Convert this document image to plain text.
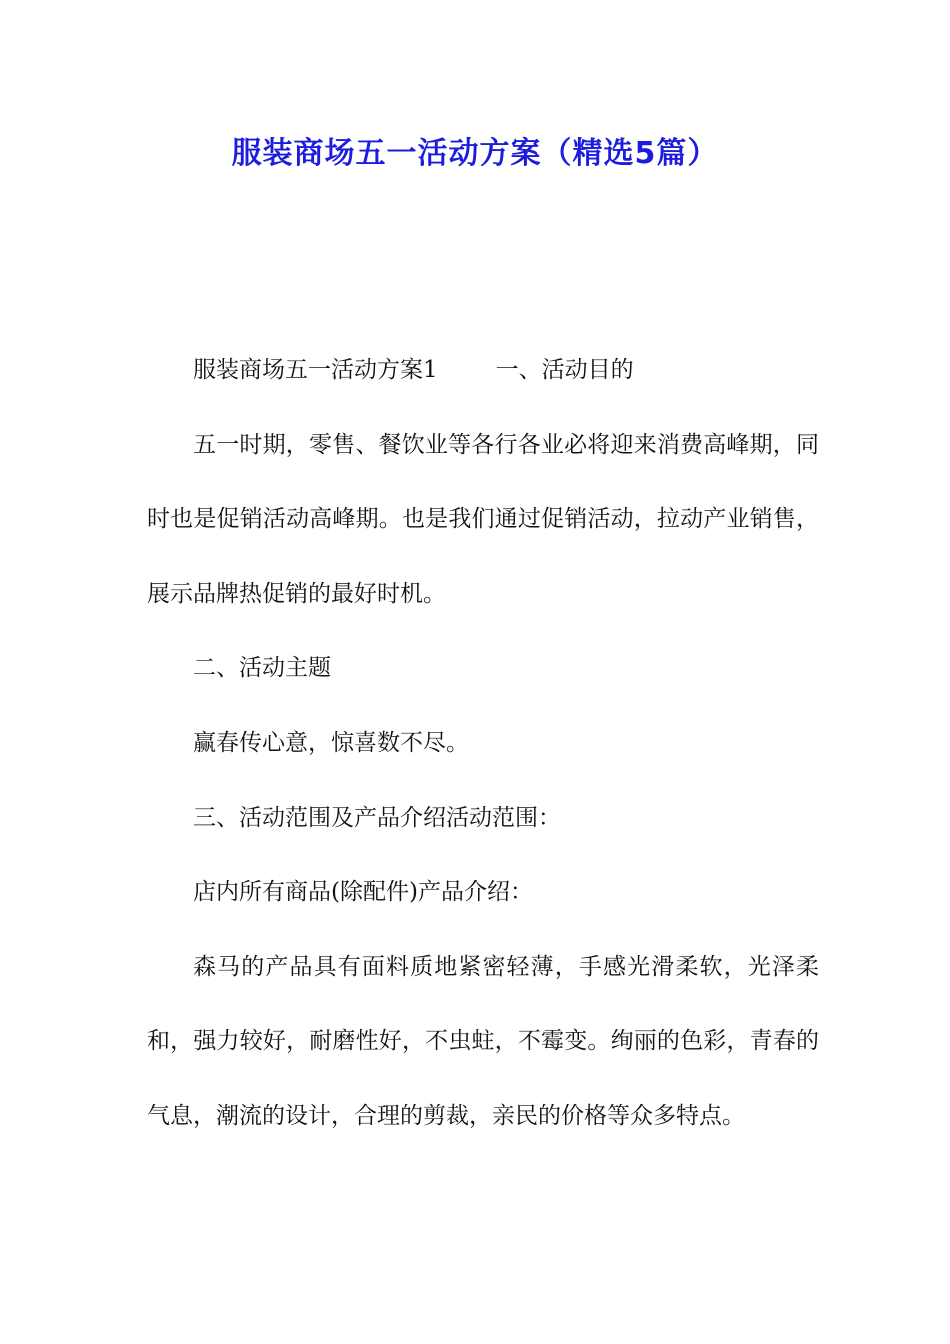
服装商场五一活动方案（精选5篇）

服装商场五一活动方案1	一、活动目的

五一时期，零售、餐饮业等各行各业必将迎来消费高峰期，同时也是促销活动高峰期。也是我们通过促销活动，拉动产业销售，展示品牌热促销的最好时机。

二、活动主题

赢春传心意，惊喜数不尽。

三、活动范围及产品介绍活动范围：

店内所有商品(除配件)产品介绍：

森马的产品具有面料质地紧密轻薄，手感光滑柔软，光泽柔和，强力较好，耐磨性好，不虫蛀，不霉变。绚丽的色彩，青春的气息，潮流的设计，合理的剪裁，亲民的价格等众多特点。
